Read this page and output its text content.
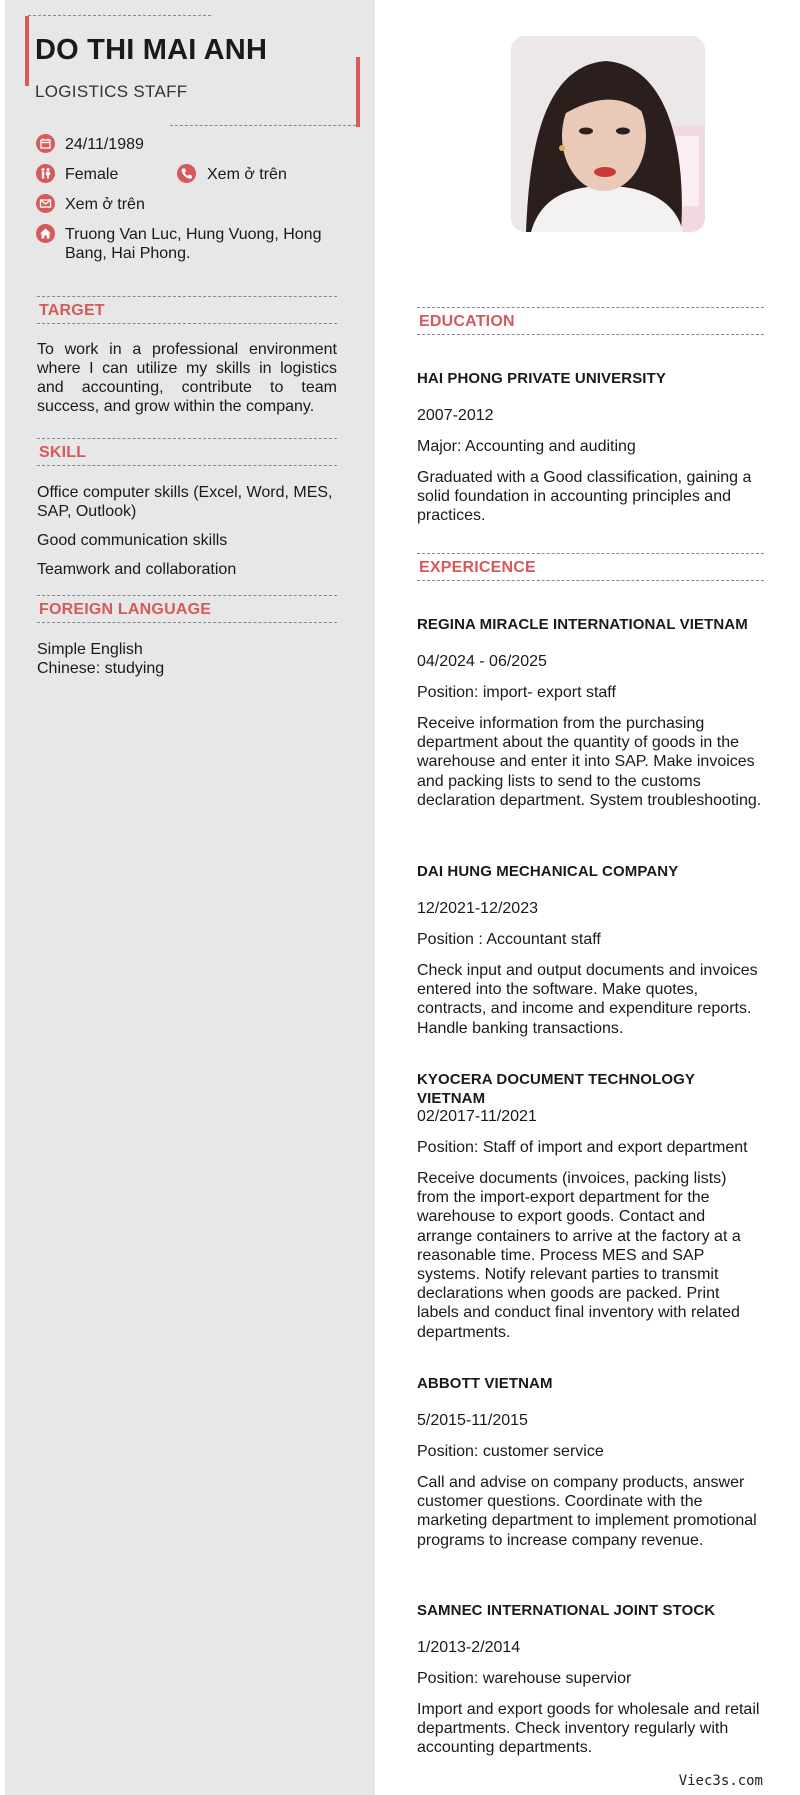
DO THI MAI ANH
LOGISTICS STAFF
24/11/1989
Female	Xem ở trên
Xem ở trên
Truong Van Luc, Hung Vuong, Hong Bang, Hai Phong.
TARGET
To work in a professional environment where I can utilize my skills in logistics and accounting, contribute to team success, and grow within the company.
SKILL
Office computer skills (Excel, Word, MES, SAP, Outlook)
Good communication skills
Teamwork and collaboration
FOREIGN LANGUAGE
Simple English
Chinese: studying
EDUCATION
HAI PHONG PRIVATE UNIVERSITY
2007-2012
Major: Accounting and auditing
Graduated with a Good classification, gaining a solid foundation in accounting principles and practices.
EXPERICENCE
REGINA MIRACLE INTERNATIONAL VIETNAM
04/2024 - 06/2025
Position: import- export staff
Receive information from the purchasing department about the quantity of goods in the warehouse and enter it into SAP. Make invoices and packing lists to send to the customs declaration department. System troubleshooting.
DAI HUNG MECHANICAL COMPANY
12/2021-12/2023
Position : Accountant staff
Check input and output documents and invoices entered into the software. Make quotes, contracts, and income and expenditure reports. Handle banking transactions.
KYOCERA DOCUMENT TECHNOLOGY VIETNAM
02/2017-11/2021
Position: Staff of import and export department
Receive documents (invoices, packing lists) from the import-export department for the warehouse to export goods. Contact and arrange containers to arrive at the factory at a reasonable time. Process MES and SAP systems. Notify relevant parties to transmit declarations when goods are packed. Print labels and conduct final inventory with related departments.
ABBOTT VIETNAM
5/2015-11/2015
Position: customer service
Call and advise on company products, answer customer questions. Coordinate with the marketing department to implement promotional programs to increase company revenue.
SAMNEC INTERNATIONAL JOINT STOCK
1/2013-2/2014
Position: warehouse supervior
Import and export goods for wholesale and retail departments. Check inventory regularly with accounting departments.
Viec3s.com
